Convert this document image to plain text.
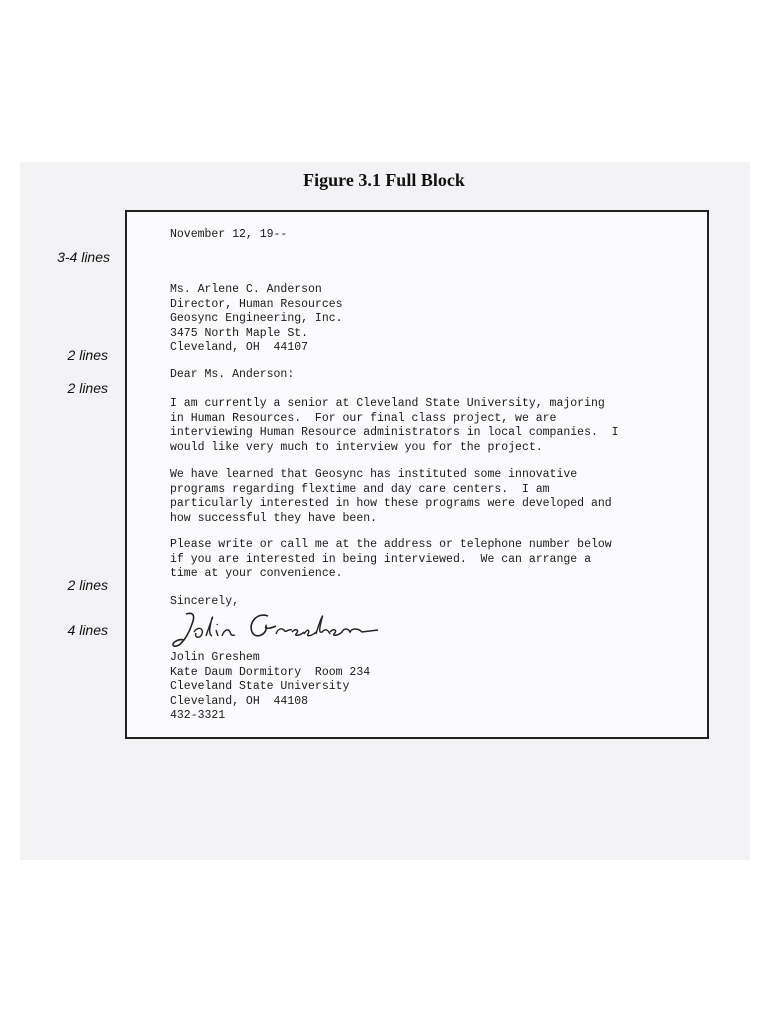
Figure 3.1 Full Block
3-4 lines
2 lines
2 lines
2 lines
4 lines
November 12, 19--
Ms. Arlene C. Anderson
Director, Human Resources
Geosync Engineering, Inc.
3475 North Maple St.
Cleveland, OH  44107
Dear Ms. Anderson:
I am currently a senior at Cleveland State University, majoring
in Human Resources.  For our final class project, we are
interviewing Human Resource administrators in local companies.  I
would like very much to interview you for the project.
We have learned that Geosync has instituted some innovative
programs regarding flextime and day care centers.  I am
particularly interested in how these programs were developed and
how successful they have been.
Please write or call me at the address or telephone number below
if you are interested in being interviewed.  We can arrange a
time at your convenience.
Sincerely,
Jolin Greshem
Kate Daum Dormitory  Room 234
Cleveland State University
Cleveland, OH  44108
432-3321
